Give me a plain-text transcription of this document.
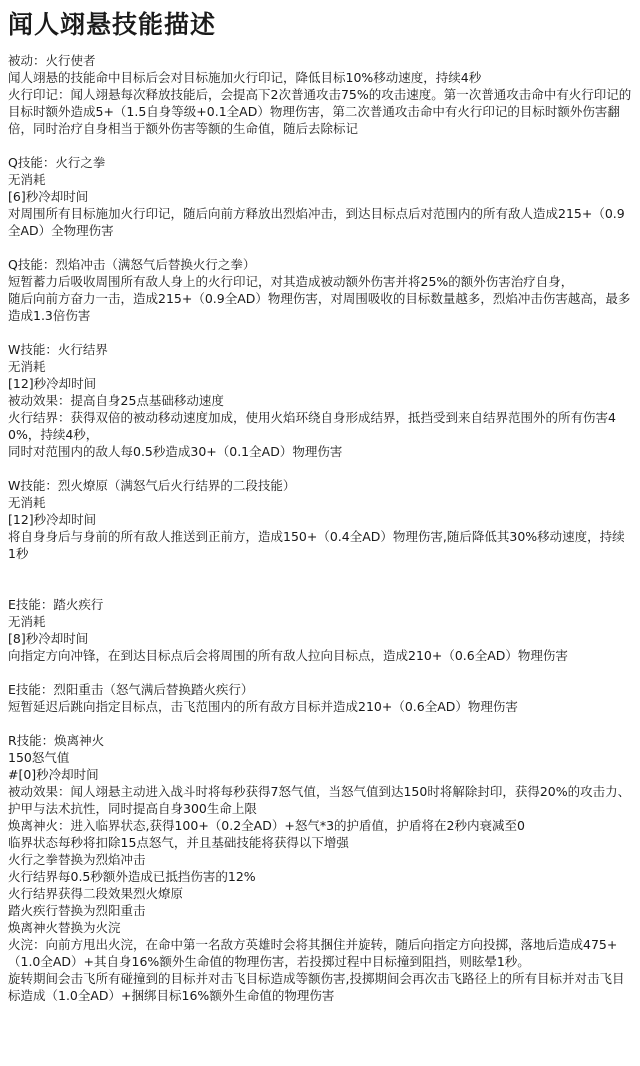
闻人翊悬技能描述

被动：火行使者

闻人翊悬的技能命中目标后会对目标施加火行印记，降低目标10%移动速度，持续4秒

火行印记：闻人翊悬每次释放技能后，会提高下2次普通攻击75%的攻击速度。第一次普通攻击命中有火行印记的目标时额外造成5+（1.5自身等级+0.1全AD）物理伤害，第二次普通攻击命中有火行印记的目标时额外伤害翻倍，同时治疗自身相当于额外伤害等额的生命值，随后去除标记

Q技能：火行之拳

无消耗

[6]秒冷却时间

对周围所有目标施加火行印记，随后向前方释放出烈焰冲击，到达目标点后对范围内的所有敌人造成215+（0.9全AD）全物理伤害

Q技能：烈焰冲击（满怒气后替换火行之拳）

短暂蓄力后吸收周围所有敌人身上的火行印记，对其造成被动额外伤害并将25%的额外伤害治疗自身，

随后向前方奋力一击，造成215+（0.9全AD）物理伤害，对周围吸收的目标数量越多，烈焰冲击伤害越高，最多造成1.3倍伤害

W技能：火行结界

无消耗

[12]秒冷却时间

被动效果：提高自身25点基础移动速度

火行结界：获得双倍的被动移动速度加成，使用火焰环绕自身形成结界，抵挡受到来自结界范围外的所有伤害40%，持续4秒，

同时对范围内的敌人每0.5秒造成30+（0.1全AD）物理伤害

W技能：烈火燎原（满怒气后火行结界的二段技能）

无消耗

[12]秒冷却时间

将自身身后与身前的所有敌人推送到正前方，造成150+（0.4全AD）物理伤害,随后降低其30%移动速度，持续1秒

E技能：踏火疾行

无消耗

[8]秒冷却时间

向指定方向冲锋，在到达目标点后会将周围的所有敌人拉向目标点，造成210+（0.6全AD）物理伤害

E技能：烈阳重击（怒气满后替换踏火疾行）

短暂延迟后跳向指定目标点，击飞范围内的所有敌方目标并造成210+（0.6全AD）物理伤害

R技能：焕离神火

150怒气值

#[0]秒冷却时间

被动效果：闻人翊悬主动进入战斗时将每秒获得7怒气值，当怒气值到达150时将解除封印，获得20%的攻击力、护甲与法术抗性，同时提高自身300生命上限

焕离神火：进入临界状态,获得100+（0.2全AD）+怒气*3的护盾值，护盾将在2秒内衰减至0

临界状态每秒将扣除15点怒气，并且基础技能将获得以下增强

火行之拳替换为烈焰冲击

火行结界每0.5秒额外造成已抵挡伤害的12%

火行结界获得二段效果烈火燎原

踏火疾行替换为烈阳重击

焕离神火替换为火浣

火浣：向前方甩出火浣，在命中第一名敌方英雄时会将其捆住并旋转，随后向指定方向投掷，落地后造成475+（1.0全AD）+其自身16%额外生命值的物理伤害，若投掷过程中目标撞到阻挡，则眩晕1秒。

旋转期间会击飞所有碰撞到的目标并对击飞目标造成等额伤害,投掷期间会再次击飞路径上的所有目标并对击飞目标造成（1.0全AD）+捆绑目标16%额外生命值的物理伤害
